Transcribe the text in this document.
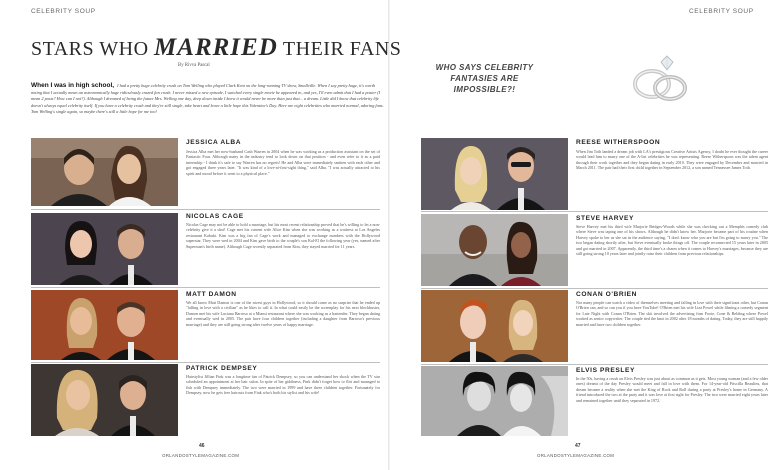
CELEBRITY SOUP	CELEBRITY SOUP
STARS WHO MARRIED THEIR FANS
By Rivva Pascal
When I was in high school, I had a pretty huge celebrity crush on Tom Welling who played Clark Kent on the long-running TV show, Smallville. When I say pretty huge, it's worth noting that I actually mean an astronomically huge ridiculously crazed fan crush. I never missed a new episode, I watched every single movie he appeared in, and yes, I'll even admit that I had a poster (I mean 2 posts? How can I not?). Although I dreamed of being the future Mrs. Welling one day, deep down inside I knew it would never be more than just that... a dream. Little did I know that celebrity life doesn't always equal celebrity itself. If you have a celebrity crush and they're still single, take heart and leave a little hope this Valentine's Day. Here are eight celebrities who married normal, adoring fans. Tom Welling's single again, so maybe there's still a little hope for me too!
WHO SAYS CELEBRITY FANTASIES ARE IMPOSSIBLE?!
JESSICA ALBA
Jessica Alba met her now-husband Cash Warren in 2004 when he was working as a production assistant on the set of Fantastic Four. Although many in the industry tend to look down on that position - and even refer to it as a paid internship - I think it's safe to say Warren has no regrets! He and Alba were immediately smitten with each other and got engaged three years later. "It was kind of a love-at-first-sight thing," said Alba. "I was actually attracted to his spirit and mood before it went to a physical place."
NICOLAS CAGE
Nicolas Cage may not be able to hold a marriage, but his most recent relationship proved that he's willing to let a non-celebrity give it a shot! Cage met his current wife Alice Kim when she was working as a waitress at Los Angeles restaurant Kabuki. Kim was a big fan of Cage's work and managed to exchange numbers with the Hollywood superstar. They were wed in 2004 and Kim gave birth to the couple's son Kal-El the following year (yes, named after Superman's birth name). Although Cage recently separated from Kim, they stayed married for 11 years.
MATT DAMON
We all know Matt Damon is one of the nicest guys in Hollywood, so it should come as no surprise that he ended up "falling in love with a civilian" as he likes to call it. In what could easily be the screenplay for his next blockbuster, Damon met his wife Luciana Barroso at a Miami restaurant where she was working as a bartender. They began dating and eventually wed in 2005. The pair have four children together (including a daughter from Barroso's previous marriage) and they are still going strong after twelve years of happy marriage.
PATRICK DEMPSEY
Hairstylist Jillian Fink was a longtime fan of Patrick Dempsey, so you can understand her shock when the TV star scheduled an appointment at her hair salon. In spite of her giddiness, Fink didn't forget how to flirt and managed to fish with Dempsey immediately. The two were married in 1999 and have three children together. Fortunately for Dempsey, now he gets free haircuts from Fink who's both his stylist and his wife!
REESE WITHERSPOON
When Jim Toth landed a dream job with LA's prestigious Creative Artists Agency, I doubt he ever thought the career would lead him to marry one of the A-list celebrities he was representing. Reese Witherspoon was the talent agent through their work together and they began dating in early 2010. They were engaged by December and married in March 2011. The pair had their first child together in September 2012, a son named Tennessee James Toth.
STEVE HARVEY
Steve Harvey met his third wife Marjorie Bridges-Woods while she was checking out a Memphis comedy club where Steve was taping one of his shows. Although he didn't know her, Marjorie became part of his routine when Harvey spoke to her as she sat in the audience saying, "I don't know who you are but I'm going to marry you." The two began dating shortly after, but Steve eventually broke things off. The couple reconnected 15 years later in 2005 and got married in 2007. Apparently, the third time's a charm when it comes to Harvey's marriages, because they are still going strong 10 years later and jointly raise their children from previous relationships.
CONAN O'BRIEN
Not many people can watch a video of themselves meeting and falling in love with their significant other, but Conan O'Brien can, and so can you if you have YouTube! O'Brien met his wife Liza Powel while filming a comedy segment for Late Night with Conan O'Brien. The skit involved the advertising firm Foote, Cone & Belding where Powel worked as senior copywriter. The couple tied the knot in 2002 after 18 months of dating. Today, they are still happily married and have two children together.
ELVIS PRESLEY
In the 50s, having a crush on Elvis Presley was just about as common as it gets. Most young woman (and a few older ones) dreamt of the day Presley would meet and fall in love with them. For 14-year-old Priscilla Beaulieu, that dream became a reality when she met the King of Rock and Roll during a party at Presley's home in Germany. A friend introduced the two at the party and it was love at first sight for Presley. The two were married eight years later and remained together until they separated in 1972.
46
ORLANDOSTYLEMAGAZINE.COM
47
ORLANDOSTYLEMAGAZINE.COM
